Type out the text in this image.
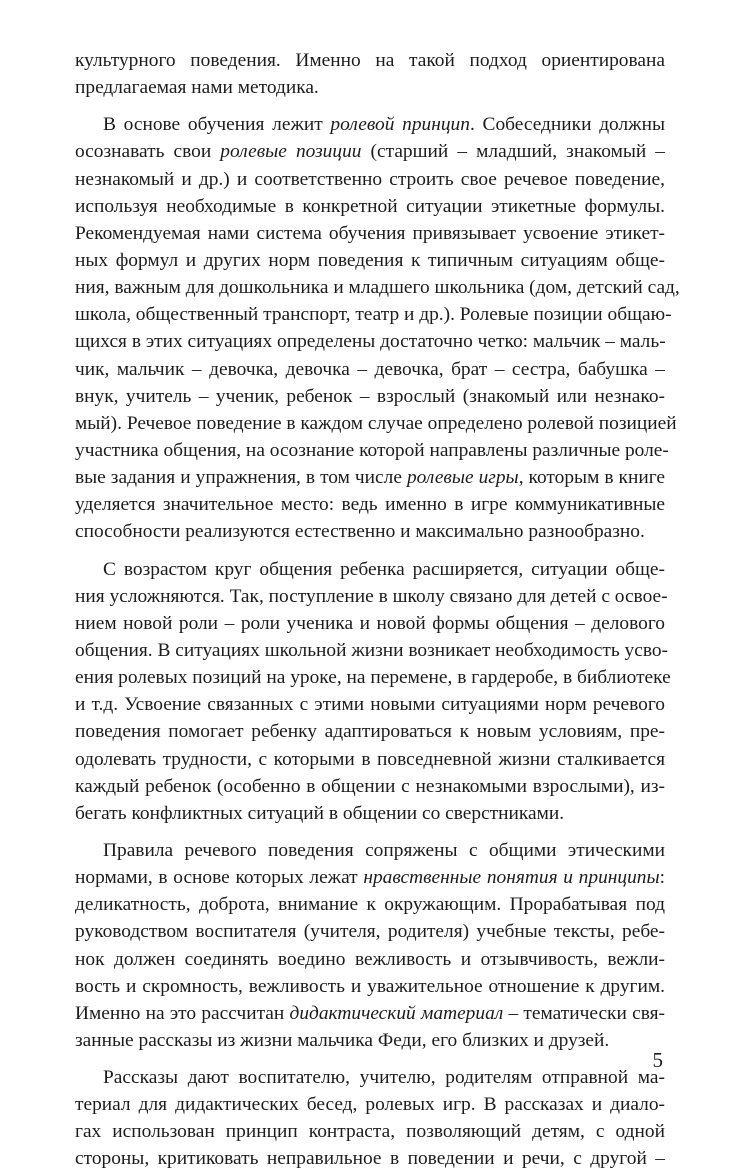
культурного поведения. Именно на такой подход ориентирована
предлагаемая нами методика.
В основе обучения лежит ролевой принцип. Собеседники должны
осознавать свои ролевые позиции (старший – младший, знакомый –
незнакомый и др.) и соответственно строить свое речевое поведение,
используя необходимые в конкретной ситуации этикетные формулы.
Рекомендуемая нами система обучения привязывает усвоение этикет-
ных формул и других норм поведения к типичным ситуациям обще-
ния, важным для дошкольника и младшего школьника (дом, детский сад,
школа, общественный транспорт, театр и др.). Ролевые позиции общаю-
щихся в этих ситуациях определены достаточно четко: мальчик – маль-
чик, мальчик – девочка, девочка – девочка, брат – сестра, бабушка –
внук, учитель – ученик, ребенок – взрослый (знакомый или незнако-
мый). Речевое поведение в каждом случае определено ролевой позицией
участника общения, на осознание которой направлены различные роле-
вые задания и упражнения, в том числе ролевые игры, которым в книге
уделяется значительное место: ведь именно в игре коммуникативные
способности реализуются естественно и максимально разнообразно.
С возрастом круг общения ребенка расширяется, ситуации обще-
ния усложняются. Так, поступление в школу связано для детей с освое-
нием новой роли – роли ученика и новой формы общения – делового
общения. В ситуациях школьной жизни возникает необходимость усво-
ения ролевых позиций на уроке, на перемене, в гардеробе, в библиотеке
и т.д. Усвоение связанных с этими новыми ситуациями норм речевого
поведения помогает ребенку адаптироваться к новым условиям, пре-
одолевать трудности, с которыми в повседневной жизни сталкивается
каждый ребенок (особенно в общении с незнакомыми взрослыми), из-
бегать конфликтных ситуаций в общении со сверстниками.
Правила речевого поведения сопряжены с общими этическими
нормами, в основе которых лежат нравственные понятия и принципы:
деликатность, доброта, внимание к окружающим. Прорабатывая под
руководством воспитателя (учителя, родителя) учебные тексты, ребе-
нок должен соединять воедино вежливость и отзывчивость, вежли-
вость и скромность, вежливость и уважительное отношение к другим.
Именно на это рассчитан дидактический материал – тематически свя-
занные рассказы из жизни мальчика Феди, его близких и друзей.
Рассказы дают воспитателю, учителю, родителям отправной ма-
териал для дидактических бесед, ролевых игр. В рассказах и диало-
гах использован принцип контраста, позволяющий детям, с одной
стороны, критиковать неправильное в поведении и речи, с другой –
5
